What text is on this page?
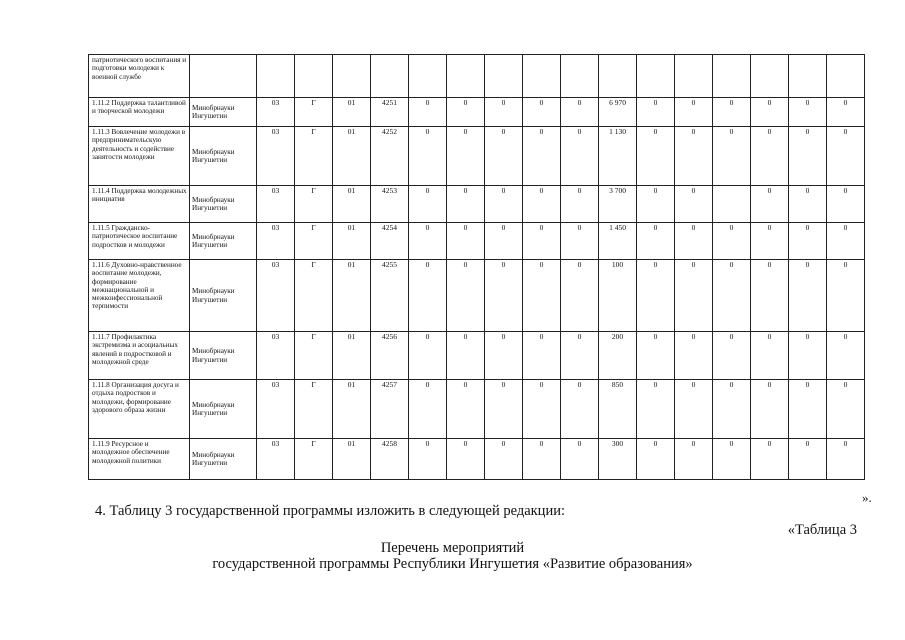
патриотического воспитания и подготовки молодежи к военной службе																	
1.11.2 Поддержка талантливой и творческой молодежи	Минобрнауки Ингушетии	03	Г	01	4251	0	0	0	0	0	6 970	0	0	0	0	0	0
1.11.3 Вовлечение молодежи в предпринимательскую деятельность и содействие занятости молодежи	Минобрнауки Ингушетии	03	Г	01	4252	0	0	0	0	0	1 130	0	0	0	0	0	0
1.11.4 Поддержка молодежных инициатив	Минобрнауки Ингушетии	03	Г	01	4253	0	0	0	0	0	3 700	0	0		0	0	0
1.11.5 Гражданско-патриотическое воспитание подростков и молодежи	Минобрнауки Ингушетии	03	Г	01	4254	0	0	0	0	0	1 450	0	0	0	0	0	0
1.11.6 Духовно-нравственное воспитание молодежи, формирование межнациональной и межконфессиональной терпимости	Минобрнауки Ингушетии	03	Г	01	4255	0	0	0	0	0	100	0	0	0	0	0	0
1.11.7 Профилактика экстремизма и асоциальных явлений в подростковой и молодежной среде	Минобрнауки Ингушетии	03	Г	01	4256	0	0	0	0	0	200	0	0	0	0	0	0
1.11.8 Организация досуга и отдыха подростков и молодежи, формирование здорового образа жизни	Минобрнауки Ингушетии	03	Г	01	4257	0	0	0	0	0	850	0	0	0	0	0	0
1.11.9 Ресурсное и молодежное обеспечение молодежной политики	Минобрнауки Ингушетии	03	Г	01	4258	0	0	0	0	0	300	0	0	0	0	0	0
».
4. Таблицу 3 государственной программы изложить в следующей редакции:
«Таблица 3
Перечень мероприятий
государственной программы Республики Ингушетия «Развитие образования»
